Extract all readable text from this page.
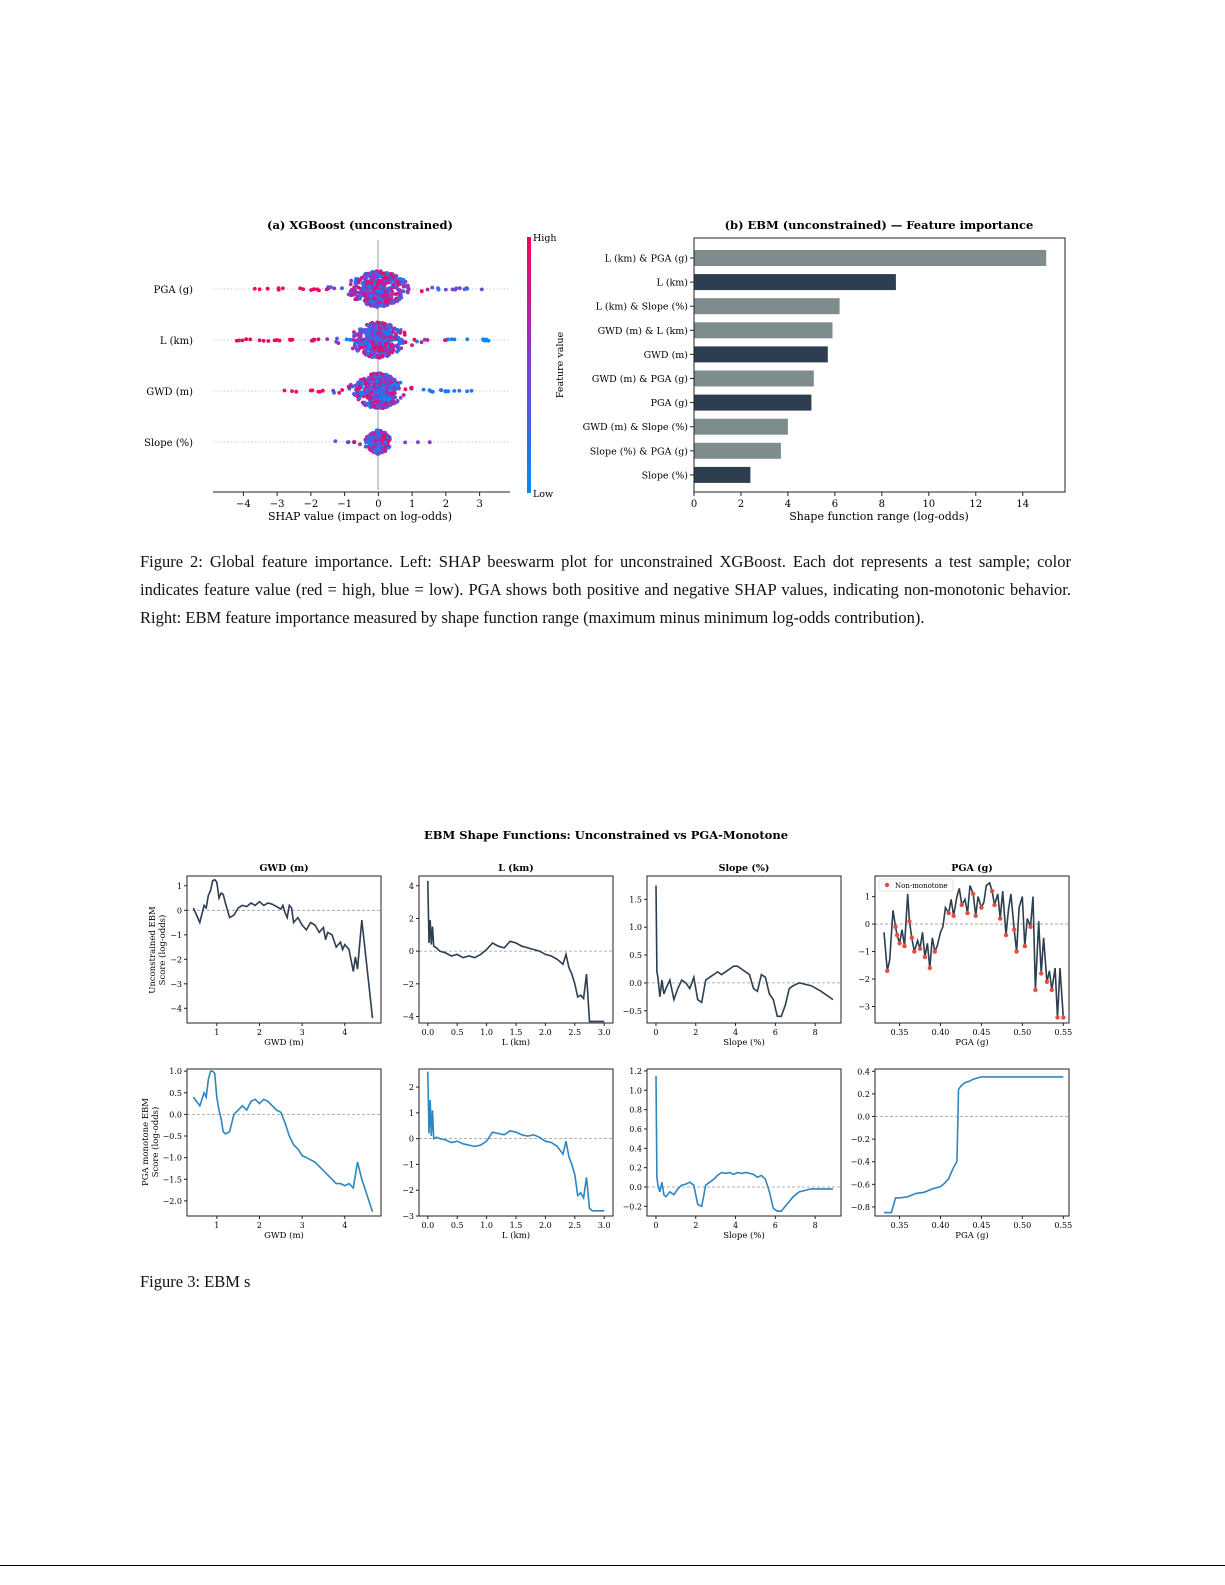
(a) XGBoost (unconstrained)
PGA (g)
L (km)
GWD (m)
Slope (%)
−4 −3 −2 −1 0	1	2	3
SHAP value (impact on log-odds)
High
Low
Feature value
(b) EBM (unconstrained) — Feature importance
L (km) & PGA (g)
L (km)
L (km) & Slope (%)
GWD (m) & L (km)
GWD (m)
GWD (m) & PGA (g)
PGA (g)
GWD (m) & Slope (%)
Slope (%) & PGA (g)
Slope (%)
0	2	4	6	8	10	12	14
Shape function range (log-odds)
Figure 2: Global feature importance. Left: SHAP beeswarm plot for unconstrained XGBoost. Each dot represents a test sample; color indicates feature value (red = high, blue = low). PGA shows both positive and negative SHAP values, indicating non-monotonic behavior. Right: EBM feature importance measured by shape function range (maximum minus minimum log-odds contribution).
EBM Shape Functions: Unconstrained vs PGA-Monotone
GWD (m)
1	2	3	4
1
0
−1
−2
−3
−4
GWD (m)
L (km)
0.0 0.5 1.0 1.5 2.0 2.5 3.0
4
2
0
−2
−4
L (km)
Slope (%)
0	2	4	6	8
1.5
1.0
0.5
0.0
−0.5
Slope (%)
Non-monotone
PGA (g)
0.35	0.40	0.45	0.50	0.55
1
0
−1
−2
−3
PGA (g)
1	2	3	4
1.0
0.5
0.0
−0.5
−1.0
−1.5
−2.0
GWD (m)
0.0 0.5 1.0 1.5 2.0 2.5 3.0
2
1
0
−1
−2
−3
L (km)
0	2	4	6	8
1.2
1.0
0.8
0.6
0.4
0.2
0.0
−0.2
Slope (%)
0.35	0.40	0.45	0.50	0.55
0.4
0.2
0.0
−0.2
−0.4
−0.6
−0.8
PGA (g)
Unconstrained EBM Score (log-odds)
PGA monotone EBM Score (log-odds)
Figure 3: EBM s
